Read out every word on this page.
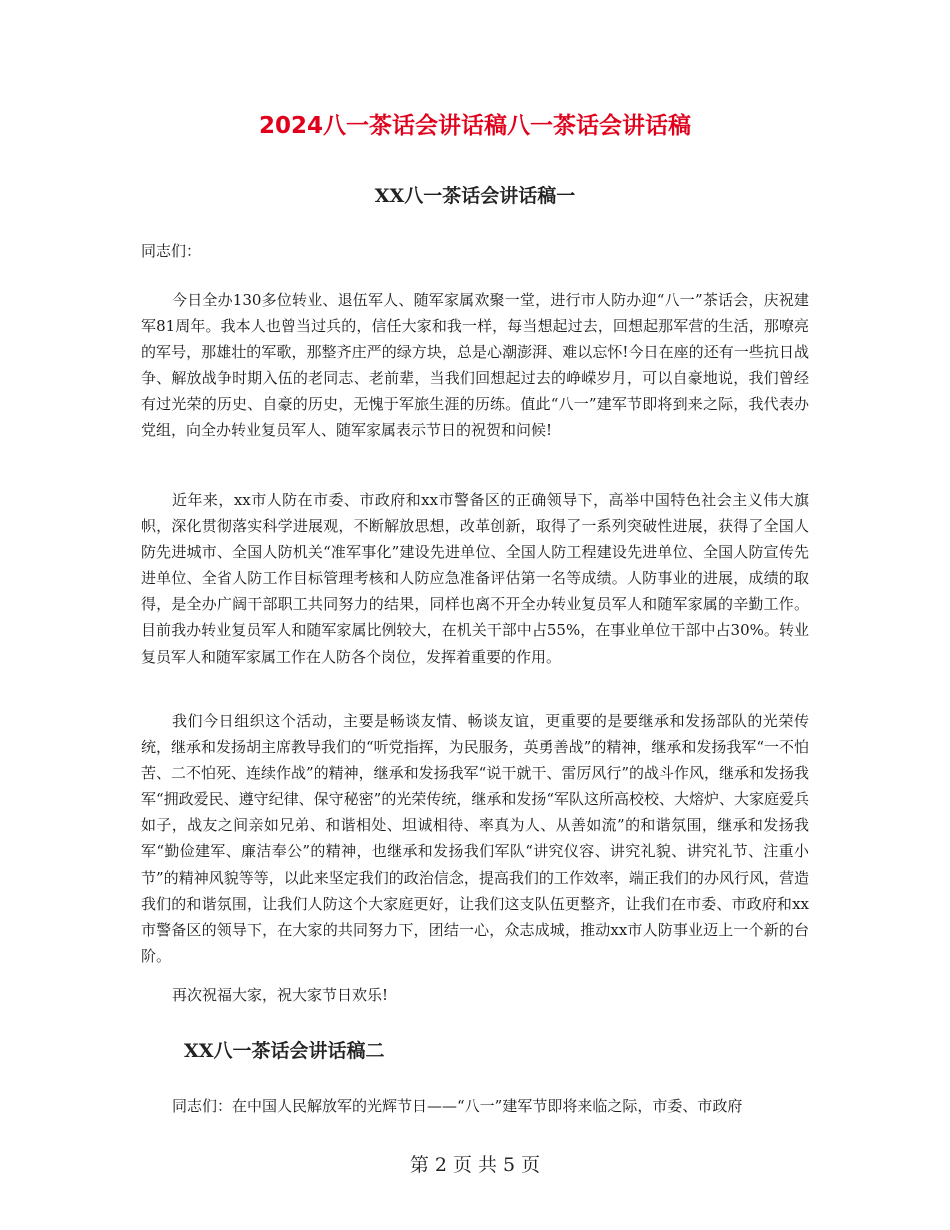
2024八一茶话会讲话稿八一茶话会讲话稿
XX八一茶话会讲话稿一

同志们：

今日全办130多位转业、退伍军人、随军家属欢聚一堂，进行市人防办迎“八一”茶话会，庆祝建军81周年。我本人也曾当过兵的，信任大家和我一样，每当想起过去，回想起那军营的生活，那嘹亮的军号，那雄壮的军歌，那整齐庄严的绿方块，总是心潮澎湃、难以忘怀!今日在座的还有一些抗日战争、解放战争时期入伍的老同志、老前辈，当我们回想起过去的峥嵘岁月，可以自豪地说，我们曾经有过光荣的历史、自豪的历史，无愧于军旅生涯的历练。值此“八一”建军节即将到来之际，我代表办党组，向全办转业复员军人、随军家属表示节日的祝贺和问候!

近年来，xx市人防在市委、市政府和xx市警备区的正确领导下，高举中国特色社会主义伟大旗帜，深化贯彻落实科学进展观，不断解放思想，改革创新，取得了一系列突破性进展，获得了全国人防先进城市、全国人防机关“准军事化”建设先进单位、全国人防工程建设先进单位、全国人防宣传先进单位、全省人防工作目标管理考核和人防应急准备评估第一名等成绩。人防事业的进展，成绩的取得，是全办广阔干部职工共同努力的结果，同样也离不开全办转业复员军人和随军家属的辛勤工作。目前我办转业复员军人和随军家属比例较大，在机关干部中占55%，在事业单位干部中占30%。转业复员军人和随军家属工作在人防各个岗位，发挥着重要的作用。

我们今日组织这个活动，主要是畅谈友情、畅谈友谊，更重要的是要继承和发扬部队的光荣传统，继承和发扬胡主席教导我们的“听党指挥，为民服务，英勇善战”的精神，继承和发扬我军“一不怕苦、二不怕死、连续作战”的精神，继承和发扬我军“说干就干、雷厉风行”的战斗作风，继承和发扬我军“拥政爱民、遵守纪律、保守秘密”的光荣传统，继承和发扬“军队这所高校校、大熔炉、大家庭爱兵如子，战友之间亲如兄弟、和谐相处、坦诚相待、率真为人、从善如流”的和谐氛围，继承和发扬我军“勤俭建军、廉洁奉公”的精神，也继承和发扬我们军队“讲究仪容、讲究礼貌、讲究礼节、注重小节”的精神风貌等等，以此来坚定我们的政治信念，提高我们的工作效率，端正我们的办风行风，营造我们的和谐氛围，让我们人防这个大家庭更好，让我们这支队伍更整齐，让我们在市委、市政府和xx市警备区的领导下，在大家的共同努力下，团结一心，众志成城，推动xx市人防事业迈上一个新的台阶。

再次祝福大家，祝大家节日欢乐!

XX八一茶话会讲话稿二

同志们：在中国人民解放军的光辉节日——“八一”建军节即将来临之际，市委、市政府

第 2 页 共 5 页
